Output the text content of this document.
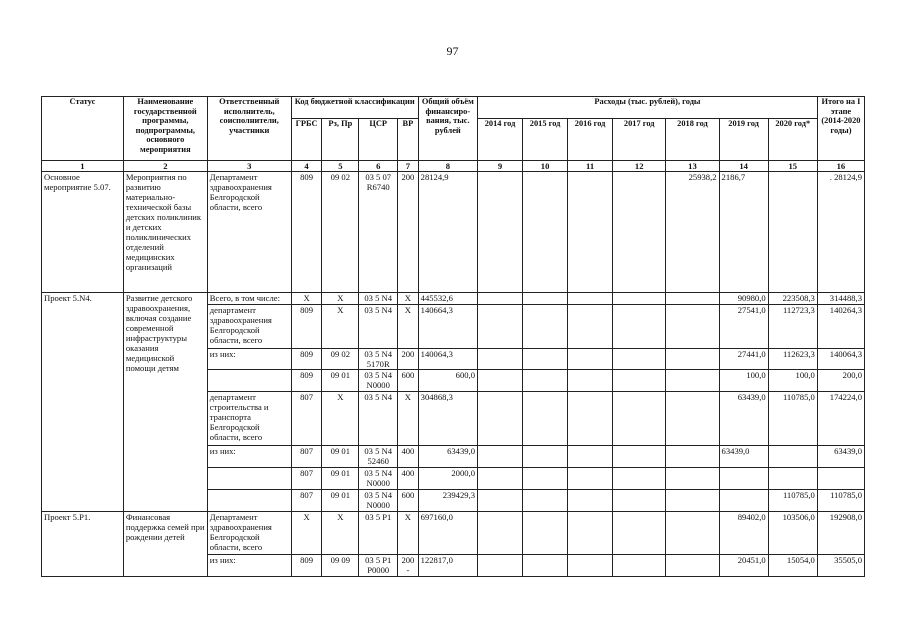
97
Статус	Наименование государственной программы, подпрограммы, основного мероприятия	Ответственный исполнитель, соисполнители, участники	Код бюджетной классификации				Общий объём финансиро-вания, тыс. рублей	Расходы (тыс. рублей), годы							Итого на I этапе (2014-2020 годы)
			ГРБС	Рз, Пр	ЦСР	ВР		2014 год	2015 год	2016 год	2017 год	2018 год	2019 год	2020 год*	
1	2	3	4	5	6	7	8	9	10	11	12	13	14	15	16
Основное мероприятие 5.07.	Мероприятия по развитию материально-технической базы детских поликлиник и детских поликлинических отделений медицинских организаций	Департамент здравоохранения Белгородской области, всего	809	09 02	03 5 07 R6740	200	28124,9					25938,2	2186,7		. 28124,9
Проект 5.N4.	Развитие детского здравоохранения, включая создание современной инфраструктуры оказания медицинской помощи детям	Всего, в том числе:	X	X	03 5 N4	X	445532,6						90980,0	223508,3	314488,3
		департамент здравоохранения Белгородской области, всего	809	X	03 5 N4	X	140664,3						27541,0	112723,3	140264,3
		из них:	809	09 02	03 5 N4 5170R	200	140064,3						27441,0	112623,3	140064,3
			809	09 01	03 5 N4 N0000	600	600,0						100,0	100,0	200,0
		департамент строительства и транспорта Белгородской области, всего	807	X	03 5 N4	X	304868,3						63439,0	110785,0	174224,0
		из них:	807	09 01	03 5 N4 52460	400	63439,0						63439,0		63439,0
			807	09 01	03 5 N4 N0000	400	2000,0								
			807	09 01	03 5 N4 N0000	600	239429,3							110785,0	110785,0
Проект 5.Р1.	Финансовая поддержка семей при рождении детей	Департамент здравоохранения Белгородской области, всего	X	X	03 5 P1	X	697160,0						89402,0	103506,0	192908,0
		из них:	809	09 09	03 5 P1 P0000	200 -	122817,0						20451,0	15054,0	35505,0
